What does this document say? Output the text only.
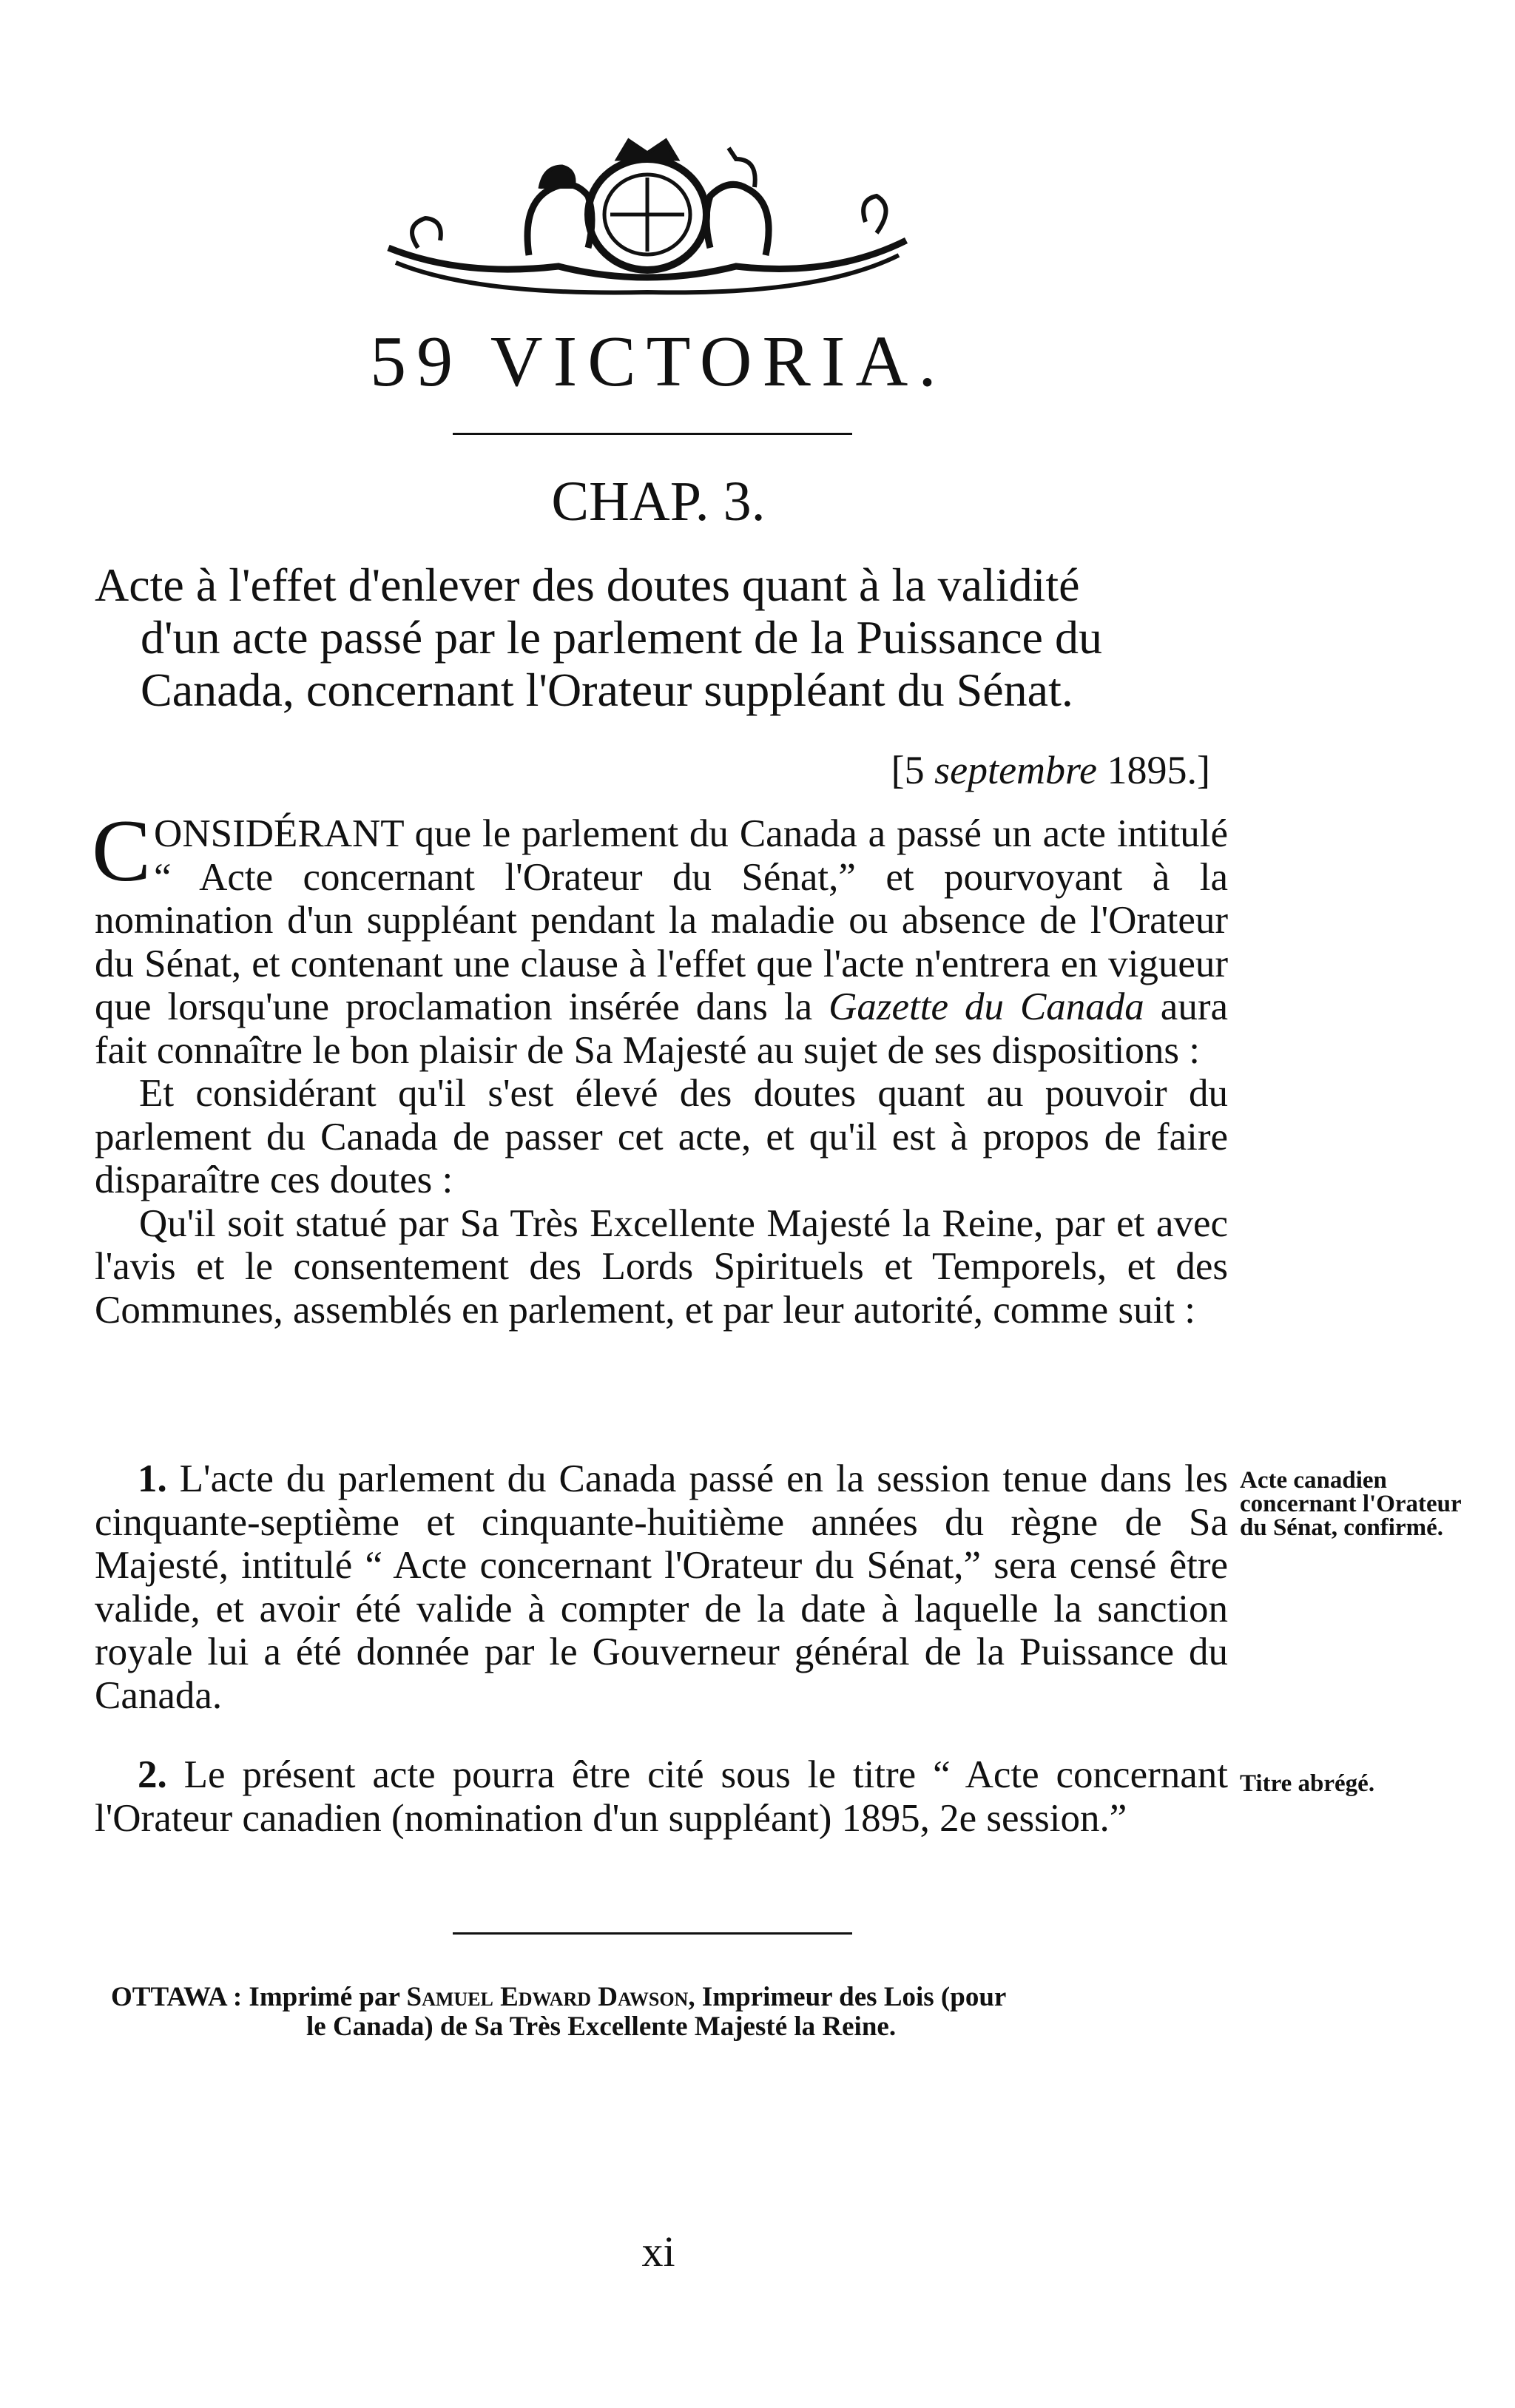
59 VICTORIA.
CHAP. 3.
Acte à l'effet d'enlever des doutes quant à la validité
d'un acte passé par le parlement de la Puissance du
Canada, concernant l'Orateur suppléant du Sénat.
[5 septembre 1895.]
CONSIDÉRANT que le parlement du Canada a passé un acte intitulé “ Acte concernant l'Orateur du Sénat,” et pourvoyant à la nomination d'un suppléant pendant la maladie ou absence de l'Orateur du Sénat, et contenant une clause à l'effet que l'acte n'entrera en vigueur que lorsqu'une proclamation insérée dans la Gazette du Canada aura fait connaître le bon plaisir de Sa Majesté au sujet de ses dispositions :
Et considérant qu'il s'est élevé des doutes quant au pouvoir du parlement du Canada de passer cet acte, et qu'il est à propos de faire disparaître ces doutes :
Qu'il soit statué par Sa Très Excellente Majesté la Reine, par et avec l'avis et le consentement des Lords Spirituels et Temporels, et des Communes, assemblés en parlement, et par leur autorité, comme suit :
1. L'acte du parlement du Canada passé en la session tenue dans les cinquante-septième et cinquante-huitième années du règne de Sa Majesté, intitulé “ Acte concernant l'Orateur du Sénat,” sera censé être valide, et avoir été valide à compter de la date à laquelle la sanction royale lui a été donnée par le Gouverneur général de la Puissance du Canada.
Acte canadien concernant l'Orateur du Sénat, confirmé.
2. Le présent acte pourra être cité sous le titre “ Acte concernant l'Orateur canadien (nomination d'un suppléant) 1895, 2e session.”
Titre abrégé.
OTTAWA : Imprimé par Samuel Edward Dawson, Imprimeur des Lois (pour
le Canada) de Sa Très Excellente Majesté la Reine.
xi
